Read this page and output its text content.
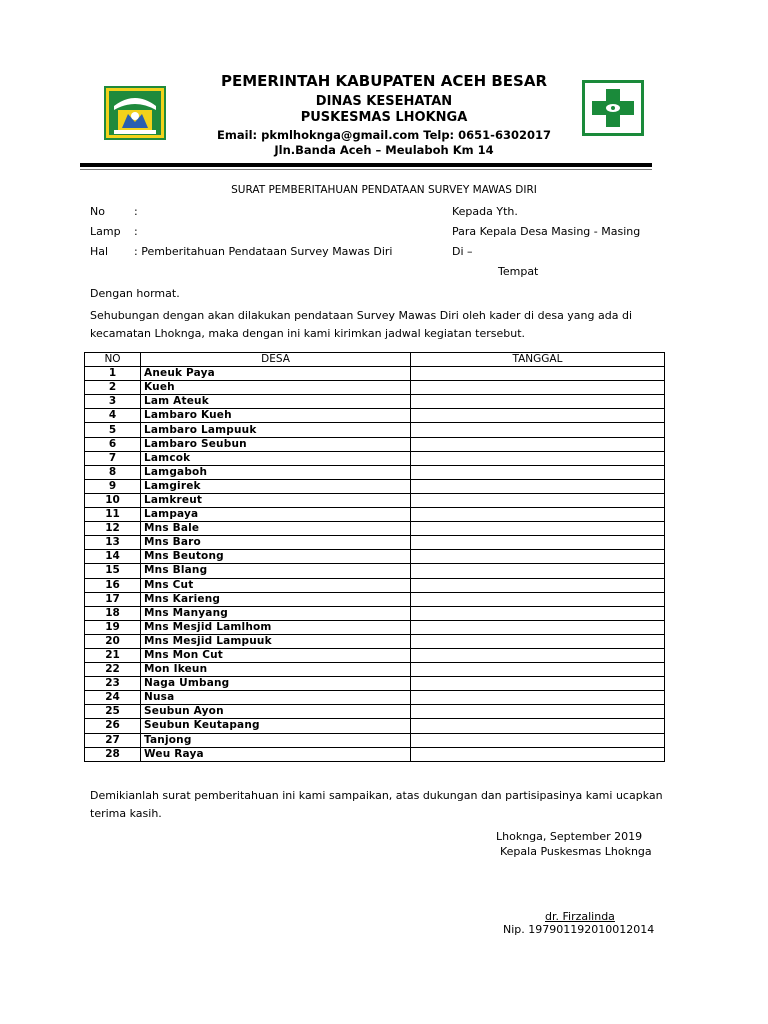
PEMERINTAH KABUPATEN ACEH BESAR
DINAS KESEHATAN
PUSKESMAS LHOKNGA
Email: pkmlhoknga@gmail.com Telp: 0651-6302017
Jln.Banda Aceh – Meulaboh Km 14
SURAT PEMBERITAHUAN PENDATAAN SURVEY MAWAS DIRI
No	:
Lamp :
Hal : Pemberitahuan Pendataan Survey Mawas Diri
Kepada Yth.
Para Kepala Desa Masing - Masing
Di –
Tempat
Dengan hormat.
Sehubungan dengan akan dilakukan pendataan Survey Mawas Diri oleh kader di desa yang ada di
kecamatan Lhoknga, maka dengan ini kami kirimkan jadwal kegiatan tersebut.
NO	DESA	TANGGAL
1	Aneuk Paya	
2	Kueh	
3	Lam Ateuk	
4	Lambaro Kueh	
5	Lambaro Lampuuk	
6	Lambaro Seubun	
7	Lamcok	
8	Lamgaboh	
9	Lamgirek	
10	Lamkreut	
11	Lampaya	
12	Mns Bale	
13	Mns Baro	
14	Mns Beutong	
15	Mns Blang	
16	Mns Cut	
17	Mns Karieng	
18	Mns Manyang	
19	Mns Mesjid Lamlhom	
20	Mns Mesjid Lampuuk	
21	Mns Mon Cut	
22	Mon Ikeun	
23	Naga Umbang	
24	Nusa	
25	Seubun Ayon	
26	Seubun Keutapang	
27	Tanjong	
28	Weu Raya	
Demikianlah surat pemberitahuan ini kami sampaikan, atas dukungan dan partisipasinya kami ucapkan
terima kasih.
Lhoknga, September 2019
Kepala Puskesmas Lhoknga
dr. Firzalinda
Nip. 197901192010012014
